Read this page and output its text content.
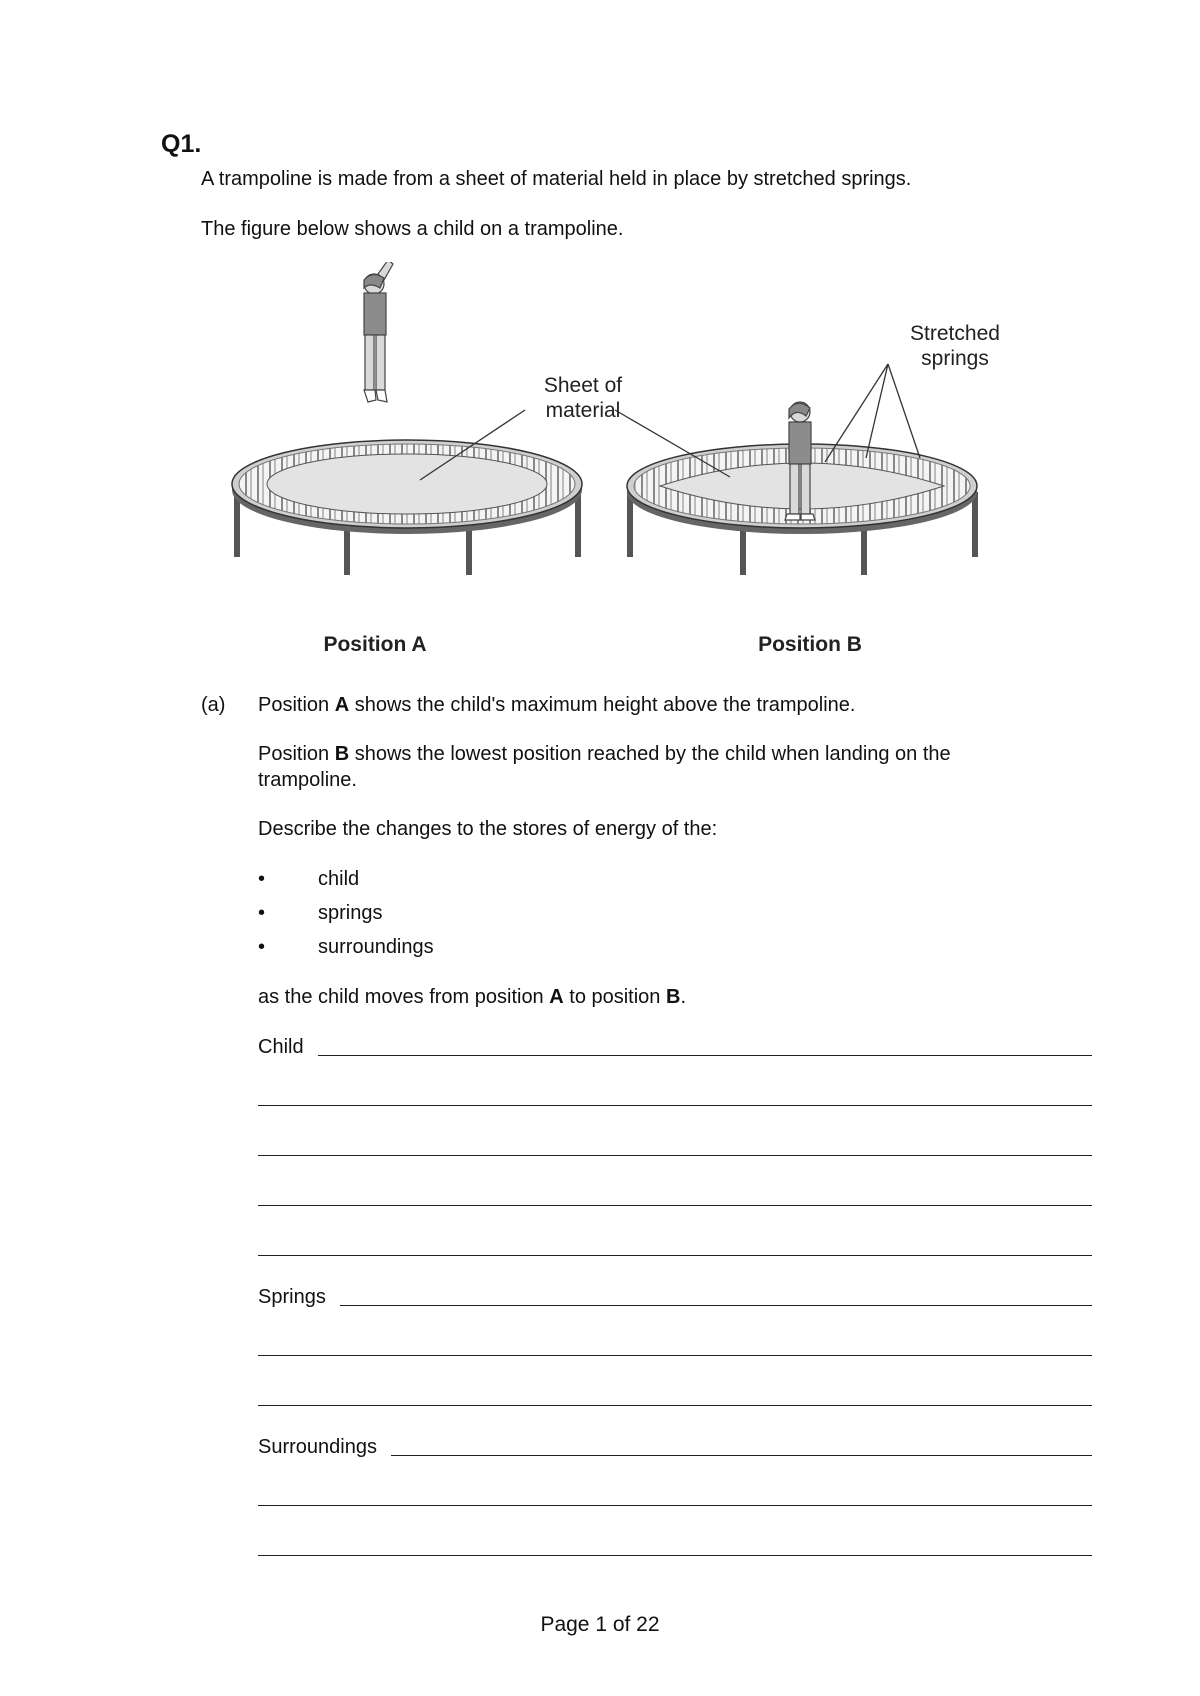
Q1.
A trampoline is made from a sheet of material held in place by stretched springs.
The figure below shows a child on a trampoline.
Sheet of
material
Stretched
springs
Position A	Position B
(a) Position A shows the child's maximum height above the trampoline.
Position B shows the lowest position reached by the child when landing on the
trampoline.
Describe the changes to the stores of energy of the:
•	child
•	springs
•	surroundings
as the child moves from position A to position B.
Child
Springs
Surroundings
Page 1 of 22
